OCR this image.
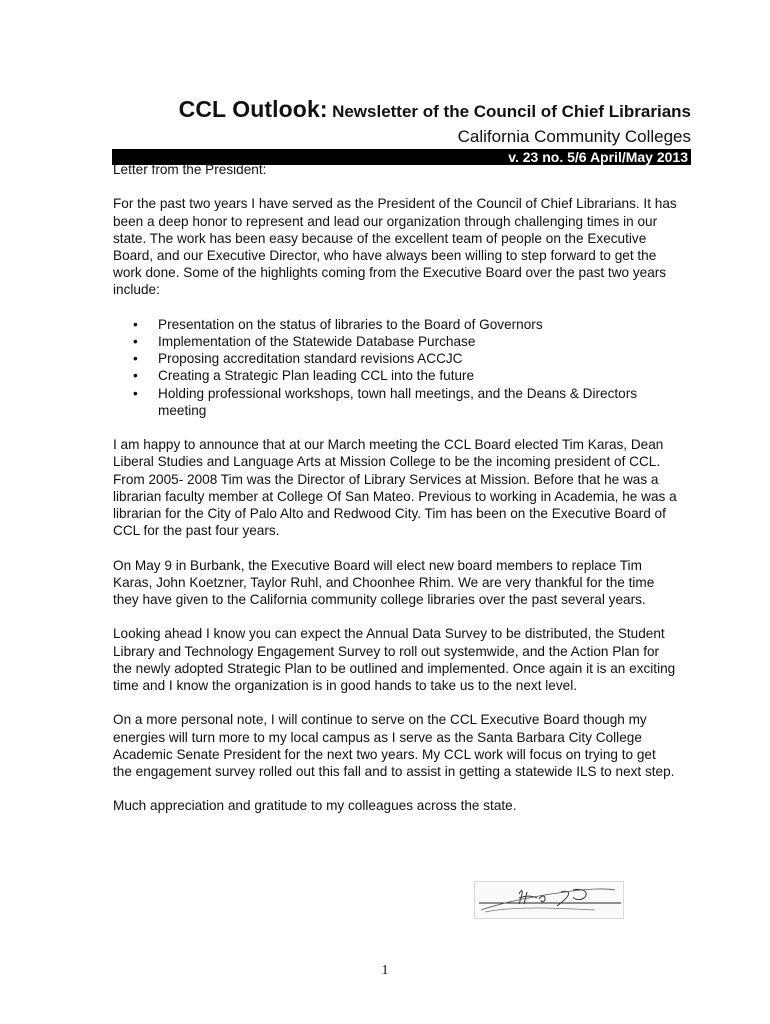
CCL Outlook: Newsletter of the Council of Chief Librarians
California Community Colleges
v. 23 no. 5/6 April/May 2013
Letter from the President:

For the past two years I have served as the President of the Council of Chief Librarians. It has been a deep honor to represent and lead our organization through challenging times in our state. The work has been easy because of the excellent team of people on the Executive Board, and our Executive Director, who have always been willing to step forward to get the work done. Some of the highlights coming from the Executive Board over the past two years include:

• Presentation on the status of libraries to the Board of Governors
• Implementation of the Statewide Database Purchase
• Proposing accreditation standard revisions ACCJC
• Creating a Strategic Plan leading CCL into the future
• Holding professional workshops, town hall meetings, and the Deans & Directors meeting

I am happy to announce that at our March meeting the CCL Board elected Tim Karas, Dean Liberal Studies and Language Arts at Mission College to be the incoming president of CCL. From 2005- 2008 Tim was the Director of Library Services at Mission. Before that he was a librarian faculty member at College Of San Mateo. Previous to working in Academia, he was a librarian for the City of Palo Alto and Redwood City. Tim has been on the Executive Board of CCL for the past four years.

On May 9 in Burbank, the Executive Board will elect new board members to replace Tim Karas, John Koetzner, Taylor Ruhl, and Choonhee Rhim. We are very thankful for the time they have given to the California community college libraries over the past several years.

Looking ahead I know you can expect the Annual Data Survey to be distributed, the Student Library and Technology Engagement Survey to roll out systemwide, and the Action Plan for the newly adopted Strategic Plan to be outlined and implemented. Once again it is an exciting time and I know the organization is in good hands to take us to the next level.

On a more personal note, I will continue to serve on the CCL Executive Board though my energies will turn more to my local campus as I serve as the Santa Barbara City College Academic Senate President for the next two years. My CCL work will focus on trying to get the engagement survey rolled out this fall and to assist in getting a statewide ILS to next step.

Much appreciation and gratitude to my colleagues across the state.

1
